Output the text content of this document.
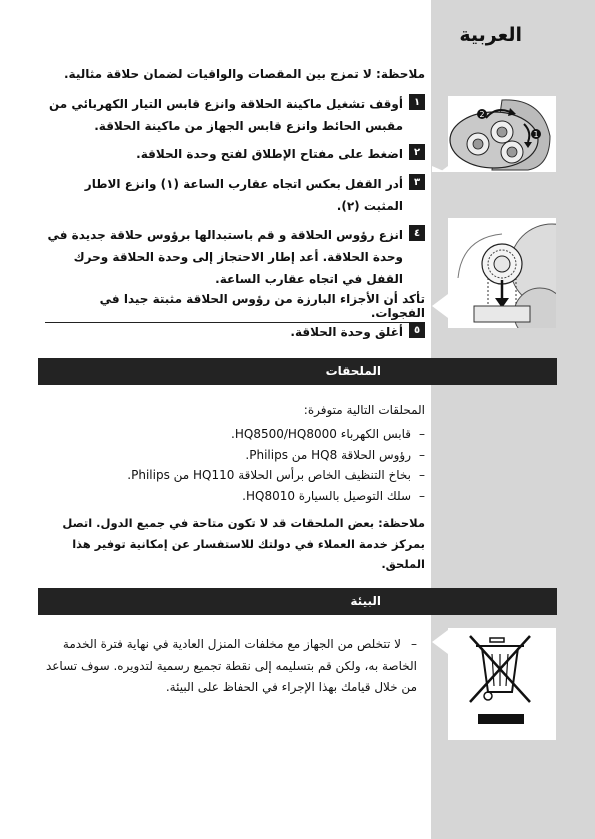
العربية
ملاحظة: لا تمزج بين المقصات والواقيات لضمان حلاقة مثالية.
١
أوقف تشغيل ماكينة الحلاقة وانزع قابس التيار الكهربائي من مقبس الحائط وانزع قابس الجهاز من ماكينة الحلاقة.
٢
اضغط على مفتاح الإطلاق لفتح وحدة الحلاقة.
٣
أدر القفل بعكس اتجاه عقارب الساعة (١) وانزع الاطار المثبت (٢).
٤
انزع رؤوس الحلاقة و قم باستبدالها برؤوس حلاقة جديدة في وحدة الحلاقة. أعد إطار الاحتجاز إلى وحدة الحلاقة وحرك القفل في اتجاه عقارب الساعة.
تأكد أن الأجزاء البارزة من رؤوس الحلاقة مثبتة جيدا في الفجوات.
٥
أغلق وحدة الحلاقة.
2
1
الملحقات
المحلقات التالية متوفرة:
–قابس الكهرباء HQ8500/HQ8000.
–رؤوس الحلاقة HQ8 من Philips.
–بخاخ التنظيف الخاص برأس الحلاقة HQ110 من Philips.
–سلك التوصيل بالسيارة HQ8010.
ملاحظة: بعض الملحقات قد لا تكون متاحة في جميع الدول. اتصل بمركز خدمة العملاء في دولتك للاستفسار عن إمكانية توفير هذا الملحق.
البيئة
–لا تتخلص من الجهاز مع مخلفات المنزل العادية في نهاية فترة الخدمة الخاصة به، ولكن قم بتسليمه إلى نقطة تجميع رسمية لتدويره. سوف تساعد من خلال قيامك بهذا الإجراء في الحفاظ على البيئة.
